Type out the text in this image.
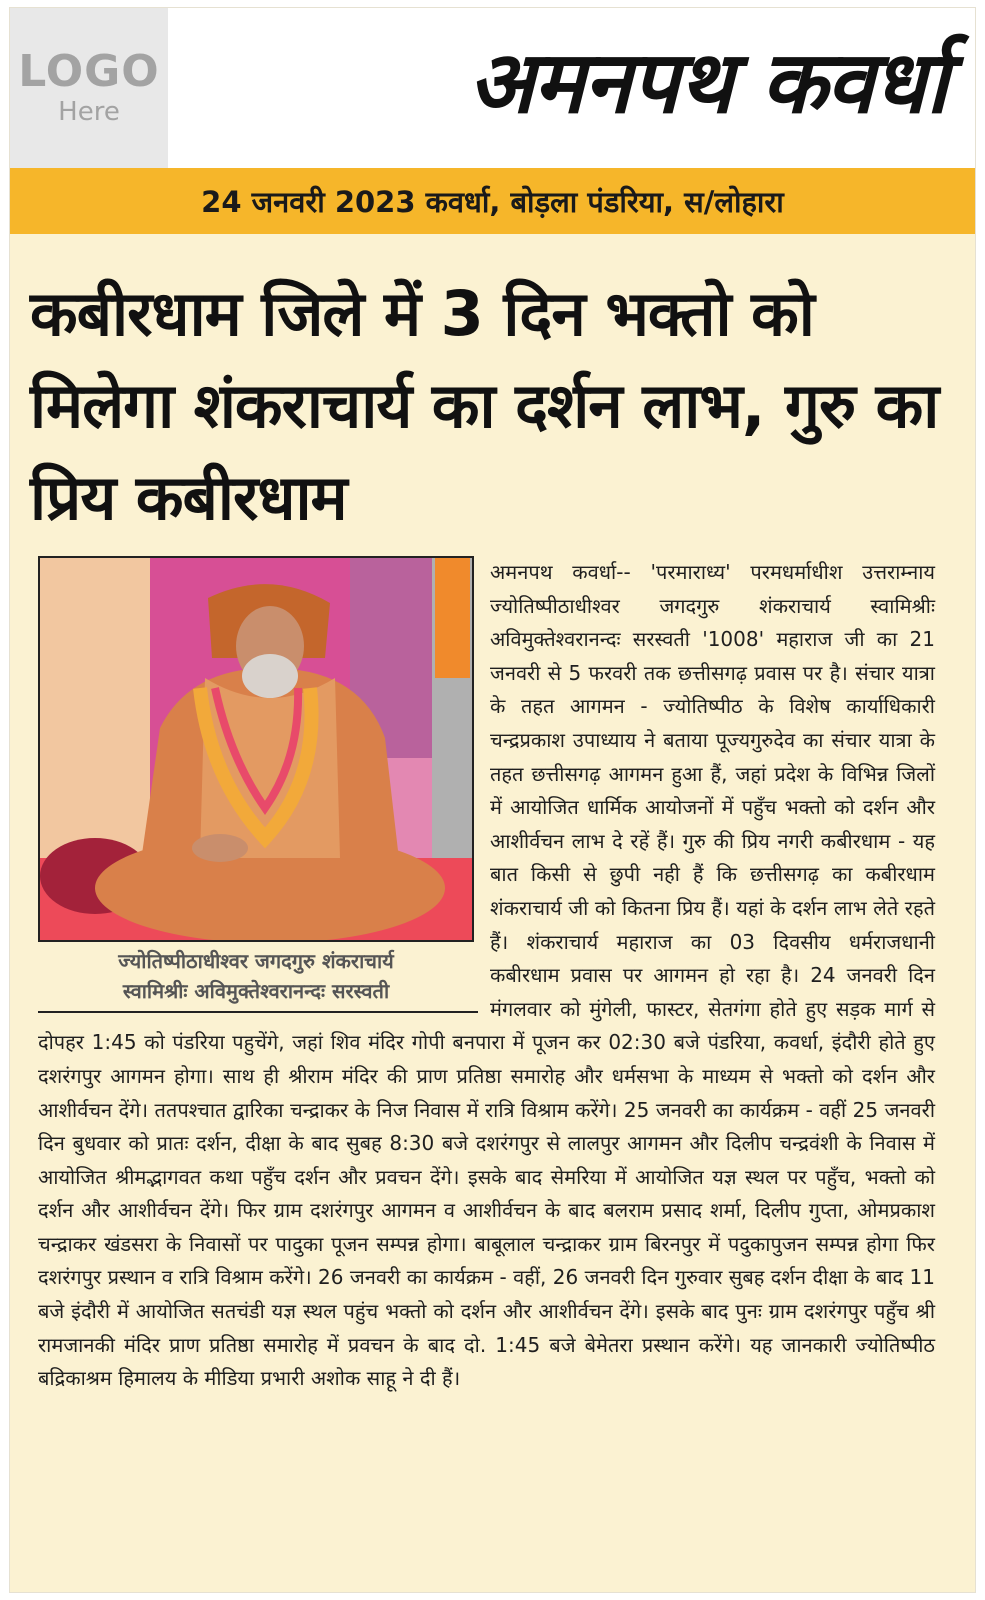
LOGO
Here	अमनपथ कवर्धा
24 जनवरी 2023 कवर्धा, बोड़ला पंडरिया, स/लोहारा
कबीरधाम जिले में 3 दिन भक्तो को मिलेगा शंकराचार्य का दर्शन लाभ, गुरु का प्रिय कबीरधाम

अमनपथ कवर्धा-- 'परमाराध्य' परमधर्माधीश उत्तराम्नाय ज्योतिष्पीठाधीश्वर जगदगुरु शंकराचार्य स्वामिश्रीः अविमुक्तेश्वरानन्दः सरस्वती '1008' महाराज जी का 21 जनवरी से 5 फरवरी तक छत्तीसगढ़ प्रवास पर है। संचार यात्रा के तहत आगमन - ज्योतिष्पीठ के विशेष कार्याधिकारी चन्द्रप्रकाश उपाध्याय ने बताया पूज्यगुरुदेव का संचार यात्रा के तहत छत्तीसगढ़ आगमन हुआ हैं, जहां प्रदेश के विभिन्न जिलों में आयोजित धार्मिक आयोजनों में पहुँच भक्तो को दर्शन और आशीर्वचन लाभ दे रहें हैं। गुरु की प्रिय नगरी कबीरधाम - यह बात किसी से छुपी नही हैं कि छत्तीसगढ़ का कबीरधाम शंकराचार्य जी को कितना प्रिय हैं। यहां के दर्शन लाभ लेते रहते हैं। शंकराचार्य महाराज का 03 दिवसीय धर्मराजधानी कबीरधाम प्रवास पर आगमन हो रहा है। 24 जनवरी दिन मंगलवार को मुंगेली, फास्टर, सेतगंगा होते हुए सड़क मार्ग से दोपहर 1:45 को पंडरिया पहुचेंगे, जहां शिव मंदिर गोपी बनपारा में पूजन कर 02:30 बजे पंडरिया, कवर्धा, इंदौरी होते हुए दशरंगपुर आगमन होगा। साथ ही श्रीराम मंदिर की प्राण प्रतिष्ठा समारोह और धर्मसभा के माध्यम से भक्तो को दर्शन और आशीर्वचन देंगे। ततपश्चात द्वारिका चन्द्राकर के निज निवास में रात्रि विश्राम करेंगे। 25 जनवरी का कार्यक्रम - वहीं 25 जनवरी दिन बुधवार को प्रातः दर्शन, दीक्षा के बाद सुबह 8:30 बजे दशरंगपुर से लालपुर आगमन और दिलीप चन्द्रवंशी के निवास में आयोजित श्रीमद्भागवत कथा पहुँच दर्शन और प्रवचन देंगे। इसके बाद सेमरिया में आयोजित यज्ञ स्थल पर पहुँच, भक्तो को दर्शन और आशीर्वचन देंगे। फिर ग्राम दशरंगपुर आगमन व आशीर्वचन के बाद बलराम प्रसाद शर्मा, दिलीप गुप्ता, ओमप्रकाश चन्द्राकर खंडसरा के निवासों पर पादुका पूजन सम्पन्न होगा। बाबूलाल चन्द्राकर ग्राम बिरनपुर में पदुकापुजन सम्पन्न होगा फिर दशरंगपुर प्रस्थान व रात्रि विश्राम करेंगे। 26 जनवरी का कार्यक्रम - वहीं, 26 जनवरी दिन गुरुवार सुबह दर्शन दीक्षा के बाद 11 बजे इंदौरी में आयोजित सतचंडी यज्ञ स्थल पहुंच भक्तो को दर्शन और आशीर्वचन देंगे। इसके बाद पुनः ग्राम दशरंगपुर पहुँच श्री रामजानकी मंदिर प्राण प्रतिष्ठा समारोह में प्रवचन के बाद दो. 1:45 बजे बेमेतरा प्रस्थान करेंगे। यह जानकारी ज्योतिष्पीठ बद्रिकाश्रम हिमालय के मीडिया प्रभारी अशोक साहू ने दी हैं।

ज्योतिष्पीठाधीश्वर जगदगुरु शंकराचार्य
स्वामिश्रीः अविमुक्तेश्वरानन्दः सरस्वती
